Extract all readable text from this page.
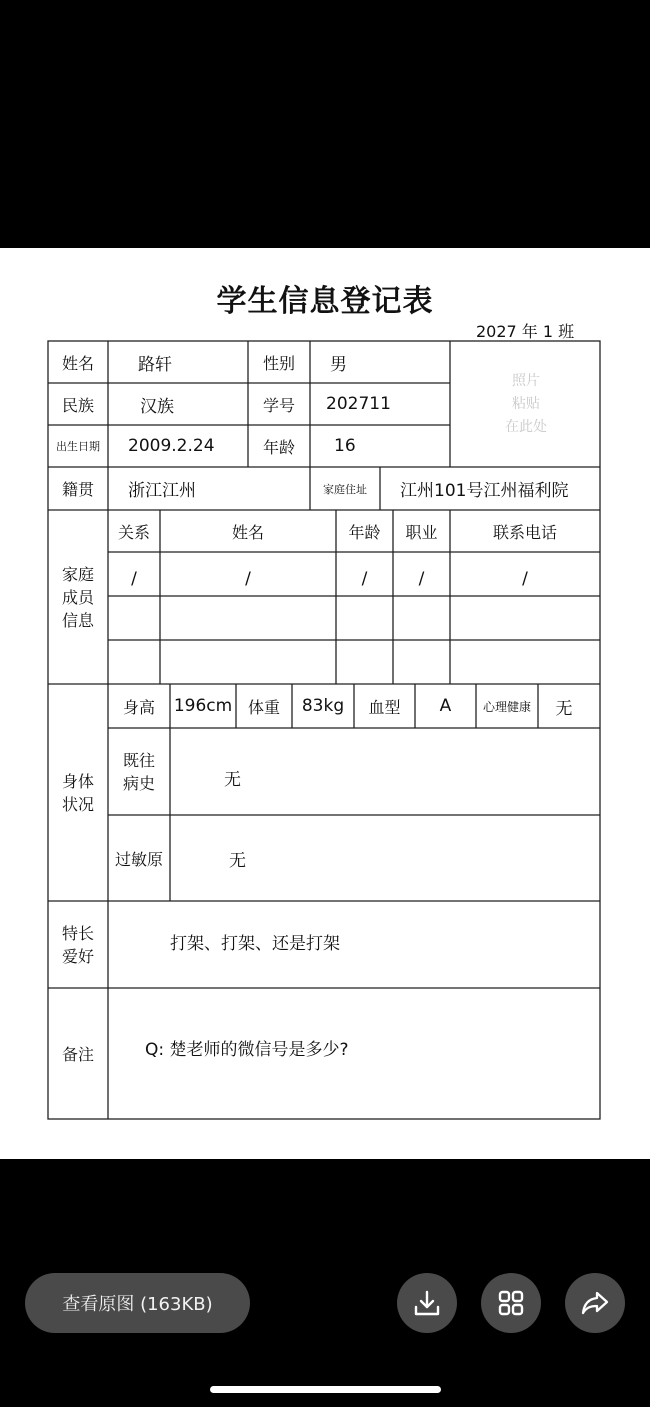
学生信息登记表
2027 年 1 班
姓名	路轩	性别	男
民族	汉族	学号	202711
出生日期	2009.2.24	年龄	16
照片
粘贴
在此处
籍贯	浙江江州	家庭住址	江州101号江州福利院
家庭
成员
信息
关系	姓名	年龄	职业	联系电话
/	/	/	/	/
身体
状况
身高	196cm 体重	83kg	血型	A	心理健康	无
既往
病史	无
过敏原	无
特长
爱好
打架、打架、还是打架
备注	Q: 楚老师的微信号是多少?
查看原图 (163KB)
